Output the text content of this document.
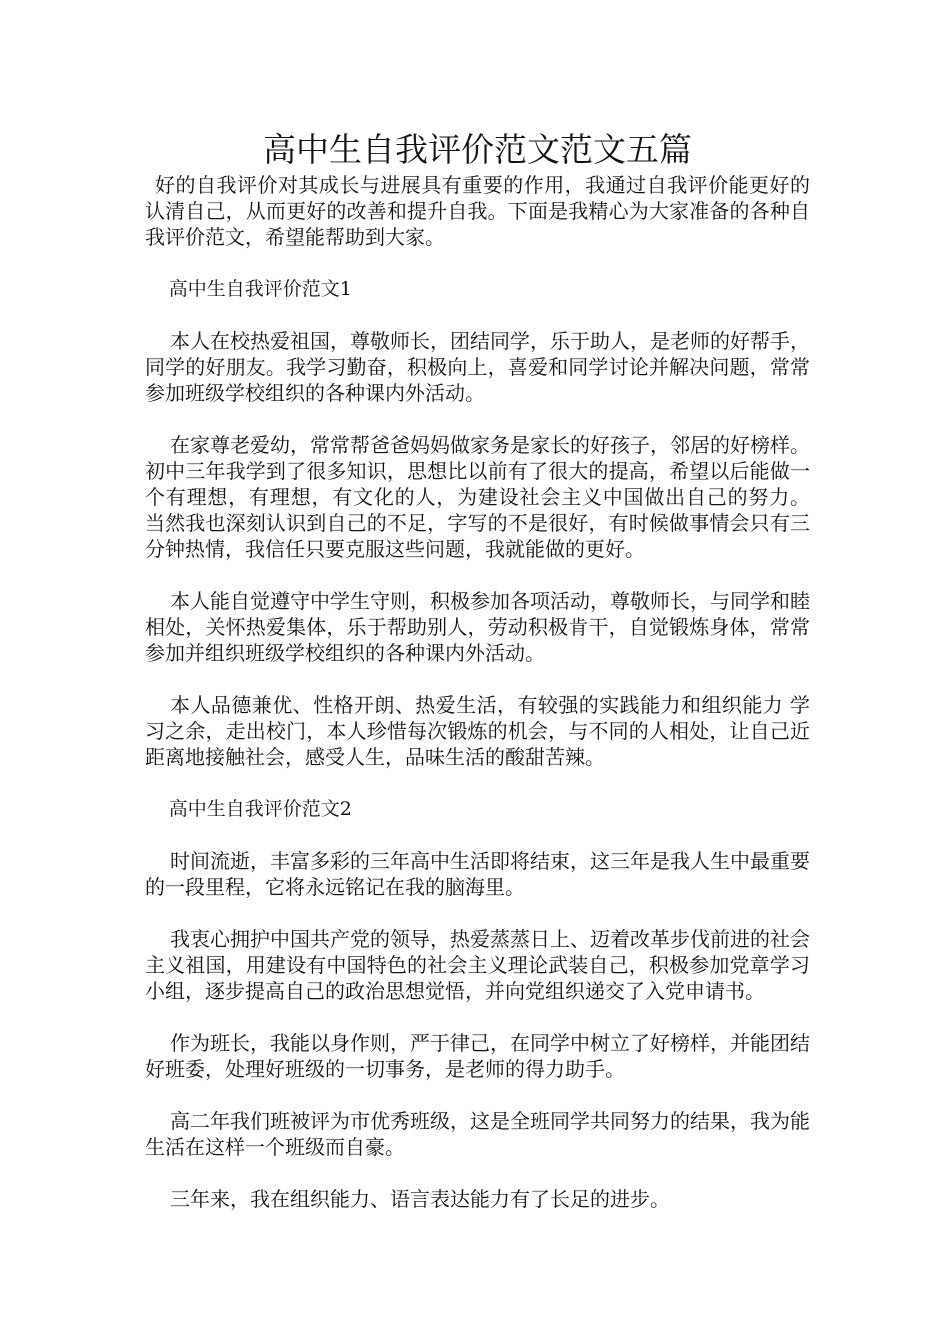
高中生自我评价范文范文五篇

好的自我评价对其成长与进展具有重要的作用，我通过自我评价能更好的认清自己，从而更好的改善和提升自我。下面是我精心为大家准备的各种自我评价范文，希望能帮助到大家。

高中生自我评价范文1

本人在校热爱祖国，尊敬师长，团结同学，乐于助人，是老师的好帮手，同学的好朋友。我学习勤奋，积极向上，喜爱和同学讨论并解决问题，常常参加班级学校组织的各种课内外活动。

在家尊老爱幼，常常帮爸爸妈妈做家务是家长的好孩子，邻居的好榜样。 初中三年我学到了很多知识，思想比以前有了很大的提高，希望以后能做一个有理想，有理想，有文化的人，为建设社会主义中国做出自己的努力。 当然我也深刻认识到自己的不足，字写的不是很好，有时候做事情会只有三分钟热情，我信任只要克服这些问题，我就能做的更好。

本人能自觉遵守中学生守则，积极参加各项活动，尊敬师长，与同学和睦相处，关怀热爱集体，乐于帮助别人，劳动积极肯干，自觉锻炼身体，常常参加并组织班级学校组织的各种课内外活动。

本人品德兼优、性格开朗、热爱生活，有较强的实践能力和组织能力 学习之余，走出校门，本人珍惜每次锻炼的机会，与不同的人相处，让自己近距离地接触社会，感受人生，品味生活的酸甜苦辣。

高中生自我评价范文2

时间流逝，丰富多彩的三年高中生活即将结束，这三年是我人生中最重要的一段里程，它将永远铭记在我的脑海里。

我衷心拥护中国共产党的领导，热爱蒸蒸日上、迈着改革步伐前进的社会主义祖国，用建设有中国特色的社会主义理论武装自己，积极参加党章学习小组，逐步提高自己的政治思想觉悟，并向党组织递交了入党申请书。

作为班长，我能以身作则，严于律己，在同学中树立了好榜样，并能团结好班委，处理好班级的一切事务，是老师的得力助手。

高二年我们班被评为市优秀班级，这是全班同学共同努力的结果，我为能生活在这样一个班级而自豪。

三年来，我在组织能力、语言表达能力有了长足的进步。
